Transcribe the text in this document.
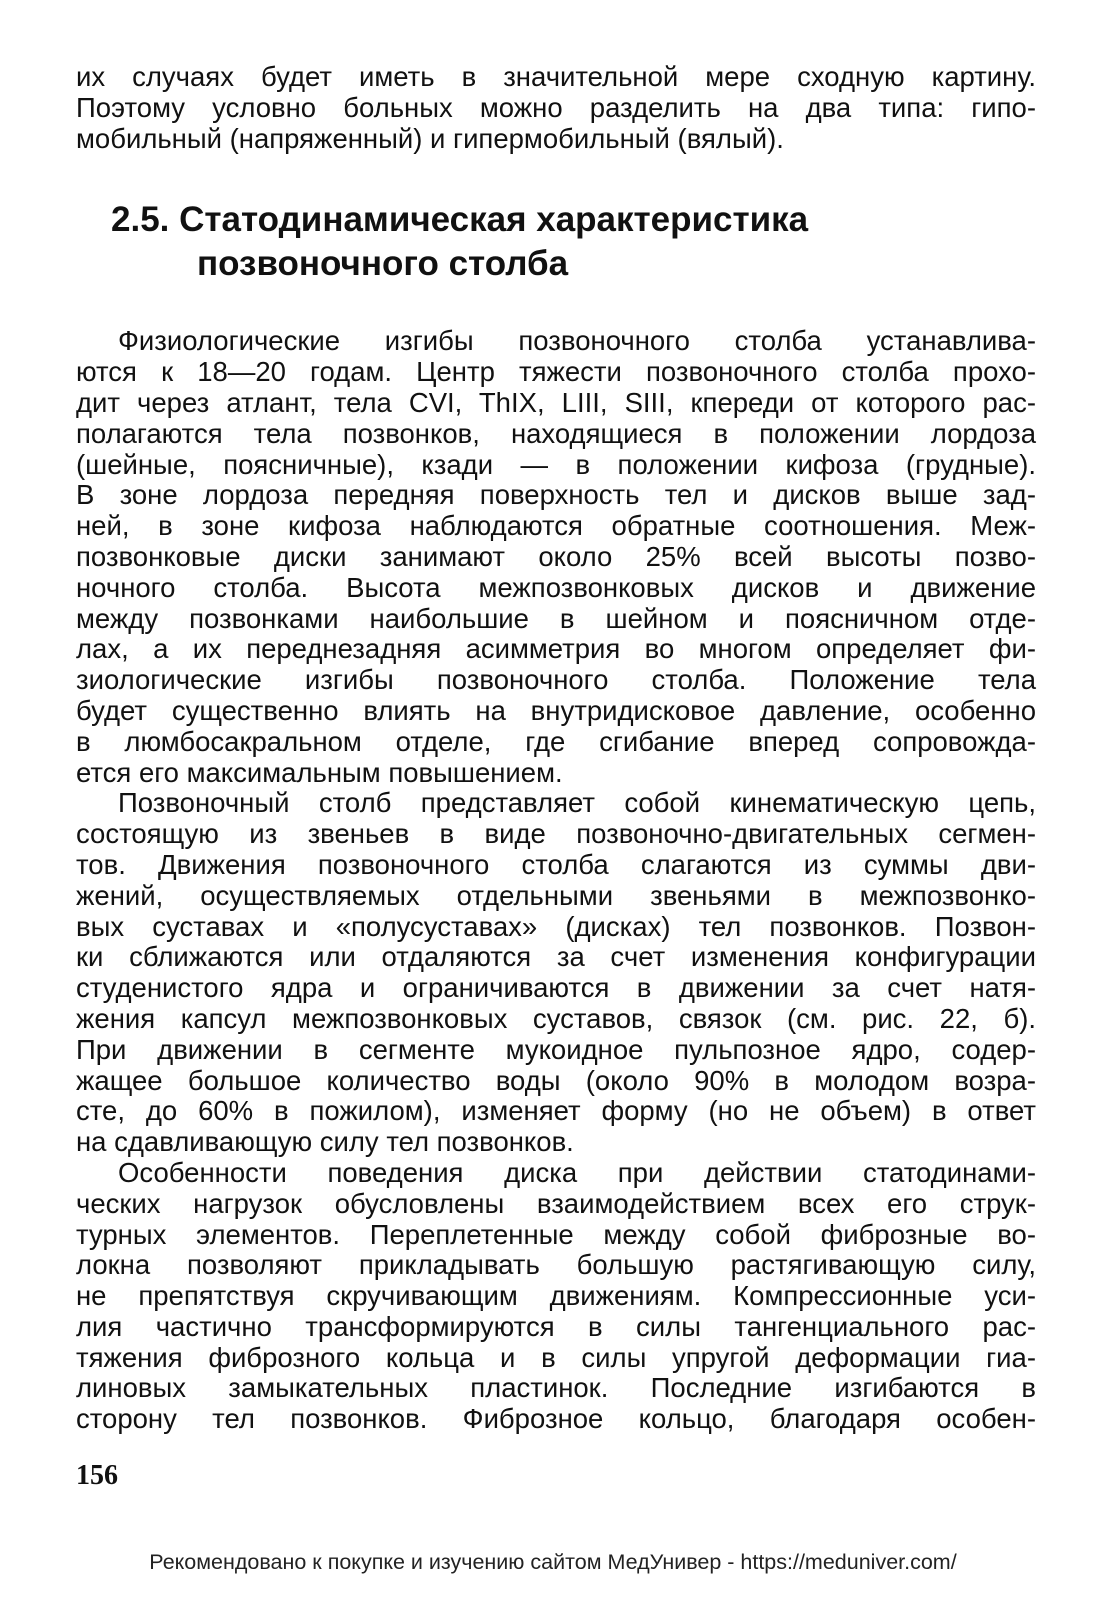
их случаях будет иметь в значительной мере сходную картину.
Поэтому условно больных можно разделить на два типа: гипо-
мобильный (напряженный) и гипермобильный (вялый).
2.5. Статодинамическая характеристика
позвоночного столба
Физиологические изгибы позвоночного столба устанавлива-
ются к 18—20 годам. Центр тяжести позвоночного столба прохо-
дит через атлант, тела CVI, ThIX, LIII, SIII, кпереди от которого рас-
полагаются тела позвонков, находящиеся в положении лордоза
(шейные, поясничные), кзади — в положении кифоза (грудные).
В зоне лордоза передняя поверхность тел и дисков выше зад-
ней, в зоне кифоза наблюдаются обратные соотношения. Меж-
позвонковые диски занимают около 25% всей высоты позво-
ночного столба. Высота межпозвонковых дисков и движение
между позвонками наибольшие в шейном и поясничном отде-
лах, а их переднезадняя асимметрия во многом определяет фи-
зиологические изгибы позвоночного столба. Положение тела
будет существенно влиять на внутридисковое давление, особенно
в люмбосакральном отделе, где сгибание вперед сопровожда-
ется его максимальным повышением.
Позвоночный столб представляет собой кинематическую цепь,
состоящую из звеньев в виде позвоночно-двигательных сегмен-
тов. Движения позвоночного столба слагаются из суммы дви-
жений, осуществляемых отдельными звеньями в межпозвонко-
вых суставах и «полусуставах» (дисках) тел позвонков. Позвон-
ки сближаются или отдаляются за счет изменения конфигурации
студенистого ядра и ограничиваются в движении за счет натя-
жения капсул межпозвонковых суставов, связок (см. рис. 22, б).
При движении в сегменте мукоидное пульпозное ядро, содер-
жащее большое количество воды (около 90% в молодом возра-
сте, до 60% в пожилом), изменяет форму (но не объем) в ответ
на сдавливающую силу тел позвонков.
Особенности поведения диска при действии статодинами-
ческих нагрузок обусловлены взаимодействием всех его струк-
турных элементов. Переплетенные между собой фиброзные во-
локна позволяют прикладывать большую растягивающую силу,
не препятствуя скручивающим движениям. Компрессионные уси-
лия частично трансформируются в силы тангенциального рас-
тяжения фиброзного кольца и в силы упругой деформации гиа-
линовых замыкательных пластинок. Последние изгибаются в
сторону тел позвонков. Фиброзное кольцо, благодаря особен-
156
Рекомендовано к покупке и изучению сайтом МедУнивер - https://meduniver.com/
